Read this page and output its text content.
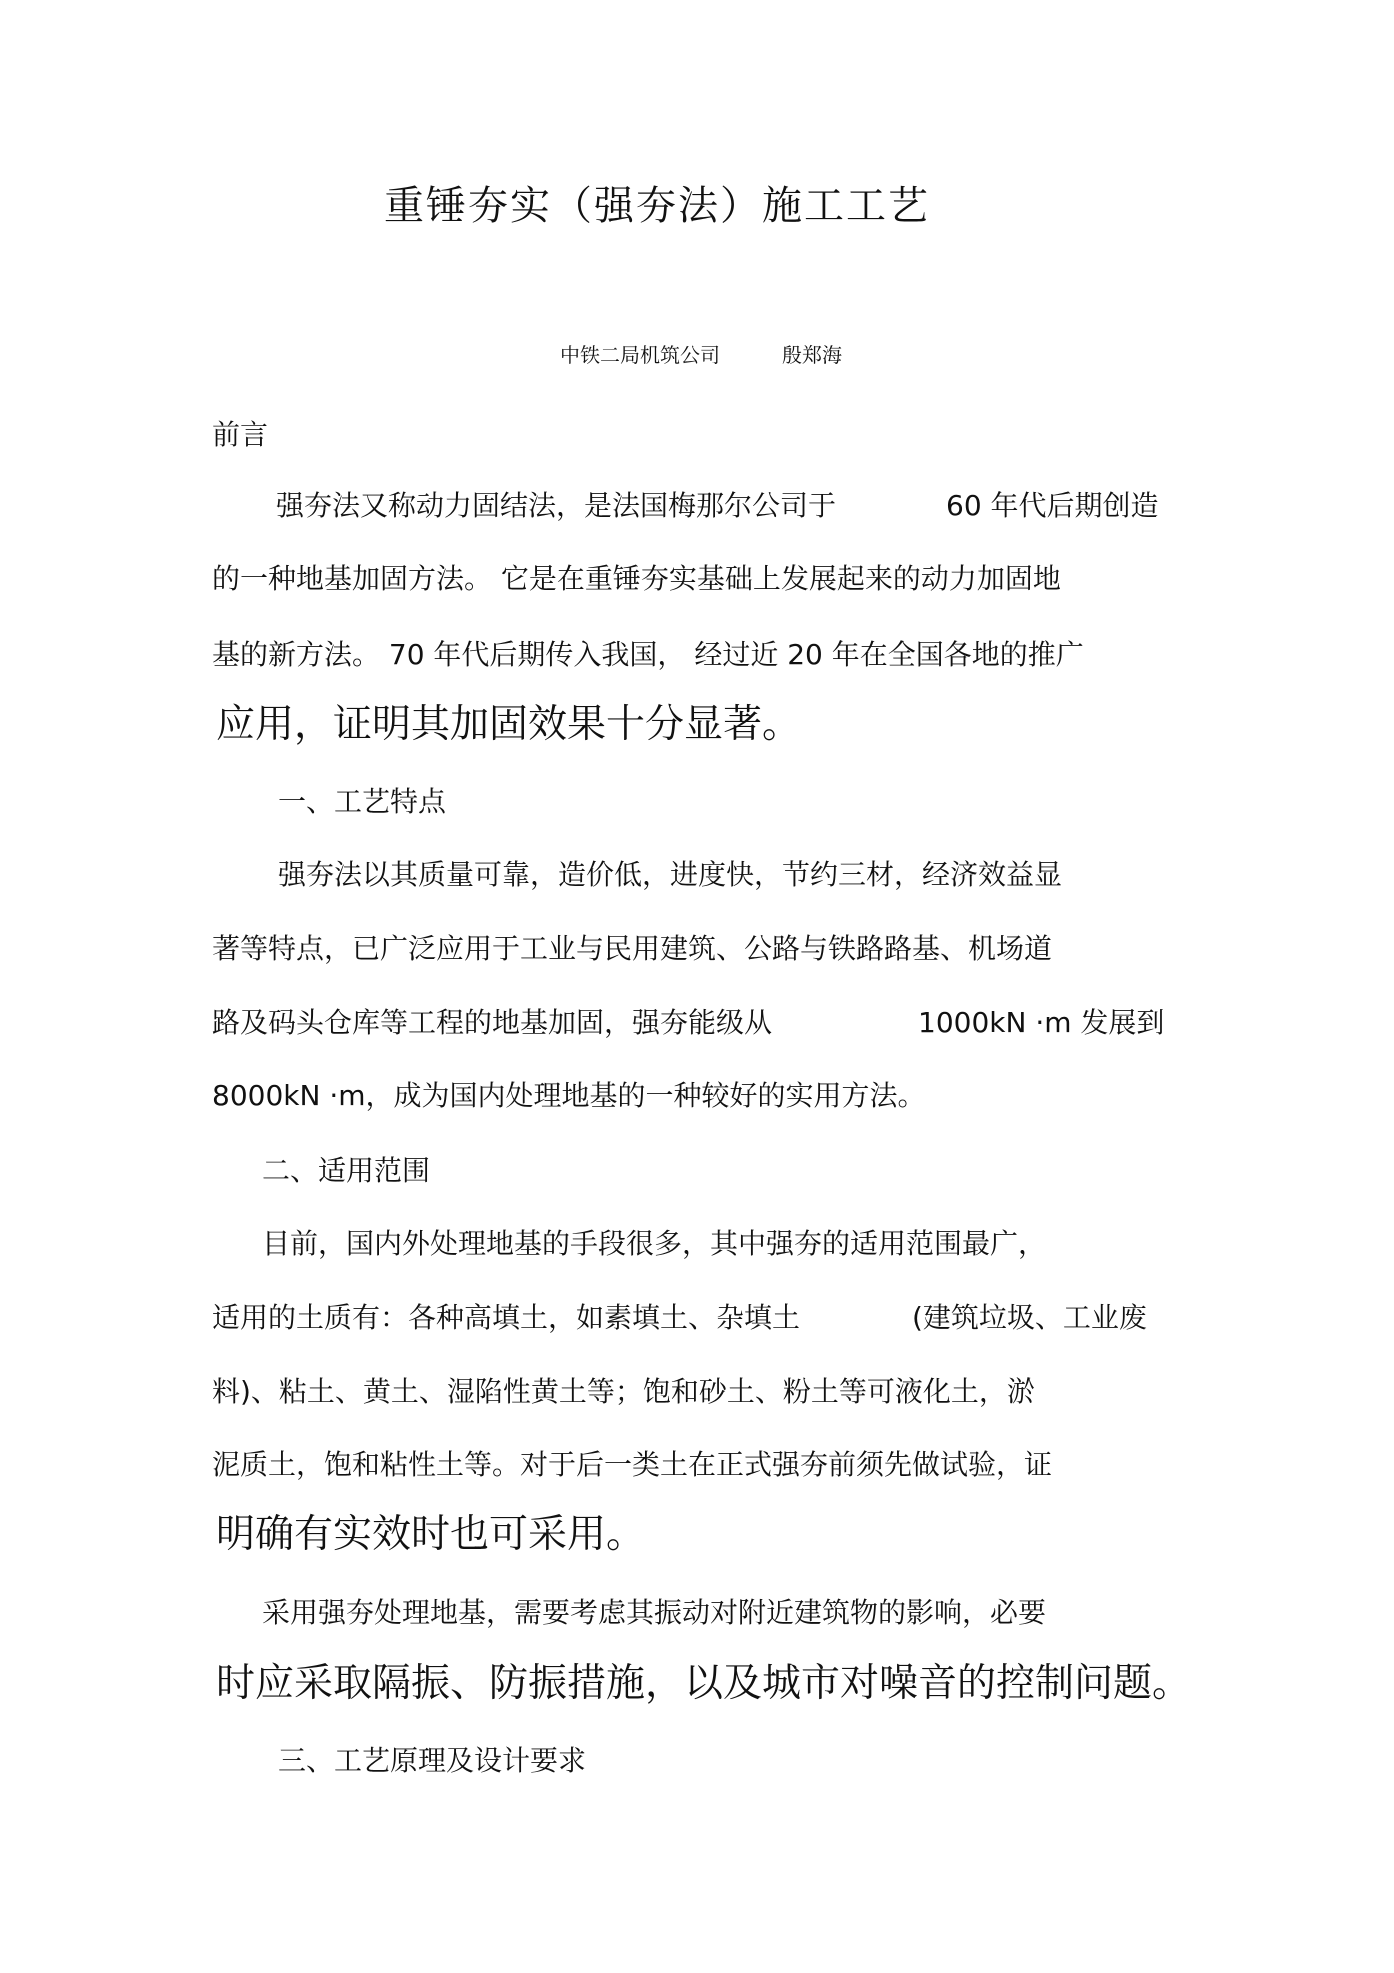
重锤夯实（强夯法）施工工艺
中铁二局机筑公司	殷郑海
前言
强夯法又称动力固结法，是法国梅那尔公司于	60 年代后期创造
的一种地基加固方法。 它是在重锤夯实基础上发展起来的动力加固地
基的新方法。 70 年代后期传入我国， 经过近 20 年在全国各地的推广
应用，证明其加固效果十分显著。
一、工艺特点
强夯法以其质量可靠，造价低，进度快，节约三材，经济效益显
著等特点，已广泛应用于工业与民用建筑、公路与铁路路基、机场道
路及码头仓库等工程的地基加固，强夯能级从	1000kN ·m 发展到
8000kN ·m，成为国内处理地基的一种较好的实用方法。
二、适用范围
目前，国内外处理地基的手段很多，其中强夯的适用范围最广，
适用的土质有：各种高填土，如素填土、杂填土	(建筑垃圾、工业废
料)、粘土、黄土、湿陷性黄土等；饱和砂土、粉土等可液化土，淤
泥质土，饱和粘性土等。对于后一类土在正式强夯前须先做试验，证
明确有实效时也可采用。
采用强夯处理地基，需要考虑其振动对附近建筑物的影响，必要
时应采取隔振、防振措施，以及城市对噪音的控制问题。
三、工艺原理及设计要求
